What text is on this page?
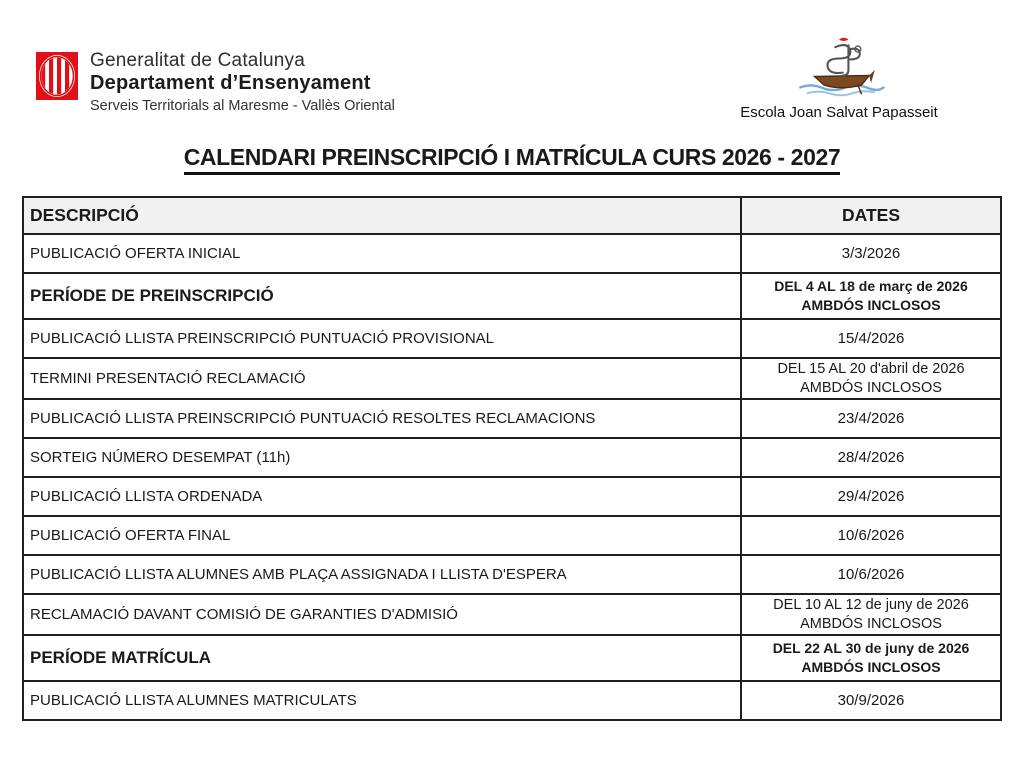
Generalitat de Catalunya
Departament d’Ensenyament
Serveis Territorials al Maresme - Vallès Oriental	Escola Joan Salvat Papasseit
CALENDARI PREINSCRIPCIÓ I MATRÍCULA CURS 2026 - 2027
DESCRIPCIÓ	DATES
PUBLICACIÓ OFERTA INICIAL	3/3/2026

PERÍODE DE PREINSCRIPCIÓ	DEL 4 AL 18 de març de 2026
AMBDÓS INCLOSOS

PUBLICACIÓ LLISTA PREINSCRIPCIÓ PUNTUACIÓ PROVISIONAL	15/4/2026

TERMINI PRESENTACIÓ RECLAMACIÓ	DEL 15 AL 20 d'abril de 2026
AMBDÓS INCLOSOS

PUBLICACIÓ LLISTA PREINSCRIPCIÓ PUNTUACIÓ RESOLTES RECLAMACIONS	23/4/2026

SORTEIG NÚMERO DESEMPAT (11h)	28/4/2026

PUBLICACIÓ LLISTA ORDENADA	29/4/2026

PUBLICACIÓ OFERTA FINAL	10/6/2026

PUBLICACIÓ LLISTA ALUMNES AMB PLAÇA ASSIGNADA I LLISTA D'ESPERA	10/6/2026

RECLAMACIÓ DAVANT COMISIÓ DE GARANTIES D'ADMISIÓ	DEL 10 AL 12 de juny de 2026
AMBDÓS INCLOSOS

PERÍODE MATRÍCULA	DEL 22 AL 30 de juny de 2026
AMBDÓS INCLOSOS

PUBLICACIÓ LLISTA ALUMNES MATRICULATS	30/9/2026
